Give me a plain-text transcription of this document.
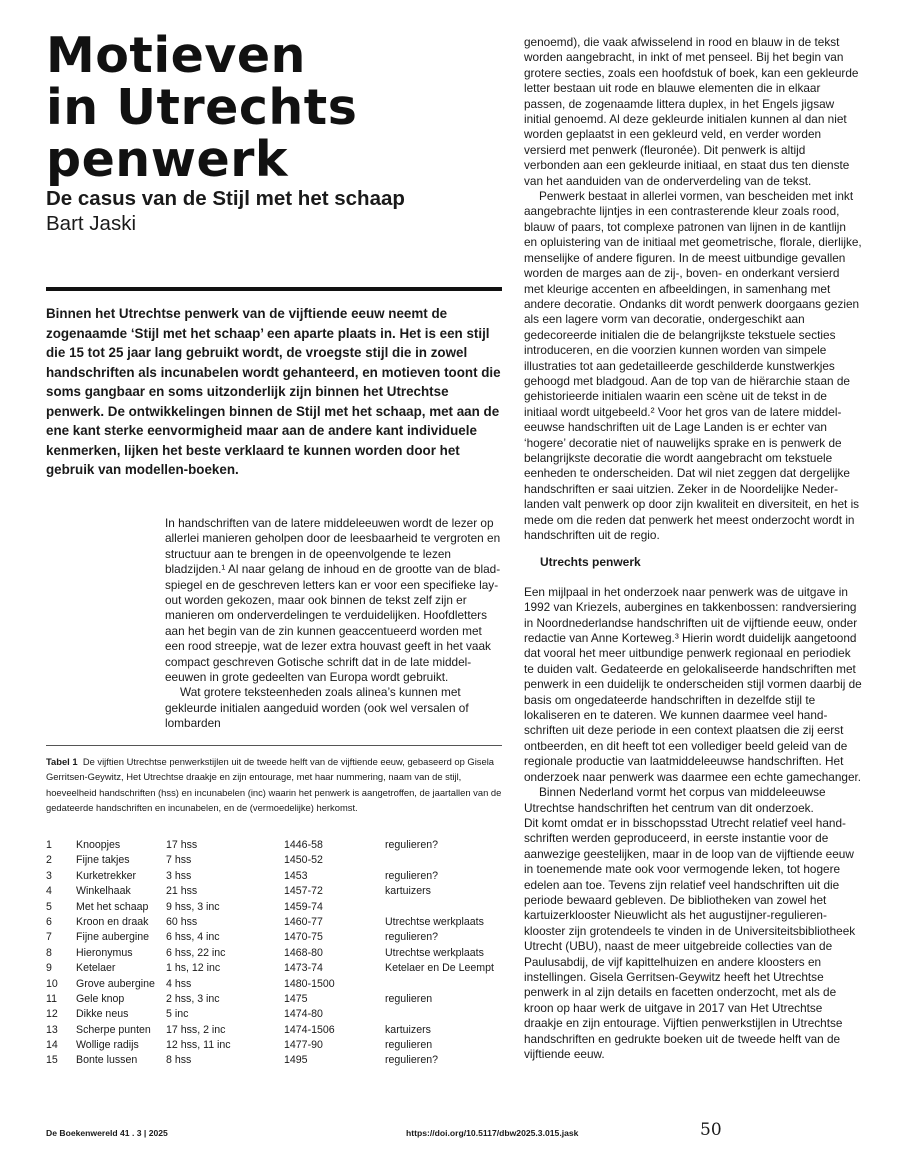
Motieven
in Utrechts
penwerk
De casus van de Stijl met het schaap
Bart Jaski
Binnen het Utrechtse penwerk van de vijftiende eeuw neemt de zogenaamde ‘Stijl met het schaap’ een aparte plaats in. Het is een stijl die 15 tot 25 jaar lang gebruikt wordt, de vroegste stijl die in zowel handschriften als incunabelen wordt gehanteerd, en motieven toont die soms gangbaar en soms uitzonderlijk zijn binnen het Utrechtse penwerk. De ontwikkelingen binnen de Stijl met het schaap, met aan de ene kant sterke eenvormigheid maar aan de andere kant individuele kenmerken, lijken het beste verklaard te kunnen worden door het gebruik van modellen-boeken.

In handschriften van de latere middeleeuwen wordt de lezer op allerlei manieren geholpen door de leesbaarheid te vergroten en structuur aan te brengen in de opeenvolgende te lezen bladzijden.¹ Al naar gelang de inhoud en de grootte van de blad-spiegel en de geschreven letters kan er voor een specifieke lay-out worden gekozen, maar ook binnen de tekst zelf zijn er manieren om onderverdelingen te verduidelijken. Hoofdletters aan het begin van de zin kunnen geaccentueerd worden met een rood streepje, wat de lezer extra houvast geeft in het vaak compact geschreven Gotische schrift dat in de late middel-eeuwen in grote gedeelten van Europa wordt gebruikt.

Wat grotere teksteenheden zoals alinea’s kunnen met gekleurde initialen aangeduid worden (ook wel versalen of lombarden

Tabel 1 De vijftien Utrechtse penwerkstijlen uit de tweede helft van de vijftiende eeuw, gebaseerd op Gisela Gerritsen-Geywitz, Het Utrechtse draakje en zijn entourage, met haar nummering, naam van de stijl, hoeveelheid handschriften (hss) en incunabelen (inc) waarin het penwerk is aangetroffen, de jaartallen van de gedateerde handschriften en incunabelen, en de (vermoedelijke) herkomst.
1	Knoopjes	17 hss	1446-58	regulieren?
2	Fijne takjes	7 hss	1450-52
3	Kurketrekker	3 hss	1453	regulieren?
4	Winkelhaak	21 hss	1457-72	kartuizers
5	Met het schaap	9 hss, 3 inc	1459-74
6	Kroon en draak	60 hss	1460-77	Utrechtse werkplaats
7	Fijne aubergine	6 hss, 4 inc	1470-75	regulieren?
8	Hieronymus	6 hss, 22 inc	1468-80	Utrechtse werkplaats
9	Ketelaer	1 hs, 12 inc	1473-74	Ketelaer en De Leempt
10	Grove aubergine	4 hss	1480-1500
11	Gele knop	2 hss, 3 inc	1475	regulieren
12	Dikke neus	5 inc	1474-80
13	Scherpe punten	17 hss, 2 inc	1474-1506	kartuizers
14	Wollige radijs	12 hss, 11 inc	1477-90	regulieren
15	Bonte lussen	8 hss	1495	regulieren?

genoemd), die vaak afwisselend in rood en blauw in de tekst worden aangebracht, in inkt of met penseel. Bij het begin van grotere secties, zoals een hoofdstuk of boek, kan een gekleurde letter bestaan uit rode en blauwe elementen die in elkaar passen, de zogenaamde littera duplex, in het Engels jigsaw initial genoemd. Al deze gekleurde initialen kunnen al dan niet worden geplaatst in een gekleurd veld, en verder worden versierd met penwerk (fleuronée). Dit penwerk is altijd verbonden aan een gekleurde initiaal, en staat dus ten dienste van het aanduiden van de onderverdeling van de tekst.

Penwerk bestaat in allerlei vormen, van bescheiden met inkt aangebrachte lijntjes in een contrasterende kleur zoals rood, blauw of paars, tot complexe patronen van lijnen in de kantlijn en opluistering van de initiaal met geometrische, florale, dierlijke, menselijke of andere figuren. In de meest uitbundige gevallen worden de marges aan de zij-, boven- en onderkant versierd met kleurige accenten en afbeeldingen, in samenhang met andere decoratie. Ondanks dit wordt penwerk doorgaans gezien als een lagere vorm van decoratie, ondergeschikt aan gedecoreerde initialen die de belangrijkste tekstuele secties introduceren, en die voorzien kunnen worden van simpele illustraties tot aan gedetailleerde geschilderde kunstwerkjes gehoogd met bladgoud. Aan de top van de hiërarchie staan de gehistorieerde initialen waarin een scène uit de tekst in de initiaal wordt uitgebeeld.² Voor het gros van de latere middel-eeuwse handschriften uit de Lage Landen is er echter van ‘hogere’ decoratie niet of nauwelijks sprake en is penwerk de belangrijkste decoratie die wordt aangebracht om tekstuele eenheden te onderscheiden. Dat wil niet zeggen dat dergelijke handschriften er saai uitzien. Zeker in de Noordelijke Neder-landen valt penwerk op door zijn kwaliteit en diversiteit, en het is mede om die reden dat penwerk het meest onderzocht wordt in handschriften uit de regio.

Utrechts penwerk

Een mijlpaal in het onderzoek naar penwerk was de uitgave in 1992 van Kriezels, aubergines en takkenbossen: randversiering in Noordnederlandse handschriften uit de vijftiende eeuw, onder redactie van Anne Korteweg.³ Hierin wordt duidelijk aangetoond dat vooral het meer uitbundige penwerk regionaal en periodiek te duiden valt. Gedateerde en gelokaliseerde handschriften met penwerk in een duidelijk te onderscheiden stijl vormen daarbij de basis om ongedateerde handschriften in dezelfde stijl te lokaliseren en te dateren. We kunnen daarmee veel hand-schriften uit deze periode in een context plaatsen die zij eerst ontbeerden, en dit heeft tot een vollediger beeld geleid van de regionale productie van laatmiddeleeuwse handschriften. Het onderzoek naar penwerk was daarmee een echte gamechanger.

Binnen Nederland vormt het corpus van middeleeuwse Utrechtse handschriften het centrum van dit onderzoek.

Dit komt omdat er in bisschopsstad Utrecht relatief veel hand-schriften werden geproduceerd, in eerste instantie voor de aanwezige geestelijken, maar in de loop van de vijftiende eeuw in toenemende mate ook voor vermogende leken, tot hogere edelen aan toe. Tevens zijn relatief veel handschriften uit die periode bewaard gebleven. De bibliotheken van zowel het kartuizerklooster Nieuwlicht als het augustijner-regulieren-klooster zijn grotendeels te vinden in de Universiteitsbibliotheek Utrecht (UBU), naast de meer uitgebreide collecties van de Paulusabdij, de vijf kapittelhuizen en andere kloosters en instellingen. Gisela Gerritsen-Geywitz heeft het Utrechtse penwerk in al zijn details en facetten onderzocht, met als de kroon op haar werk de uitgave in 2017 van Het Utrechtse draakje en zijn entourage. Vijftien penwerkstijlen in Utrechtse handschriften en gedrukte boeken uit de tweede helft van de vijftiende eeuw.

De Boekenwereld 41 . 3 | 2025	https://doi.org/10.5117/dbw2025.3.015.jask	50
